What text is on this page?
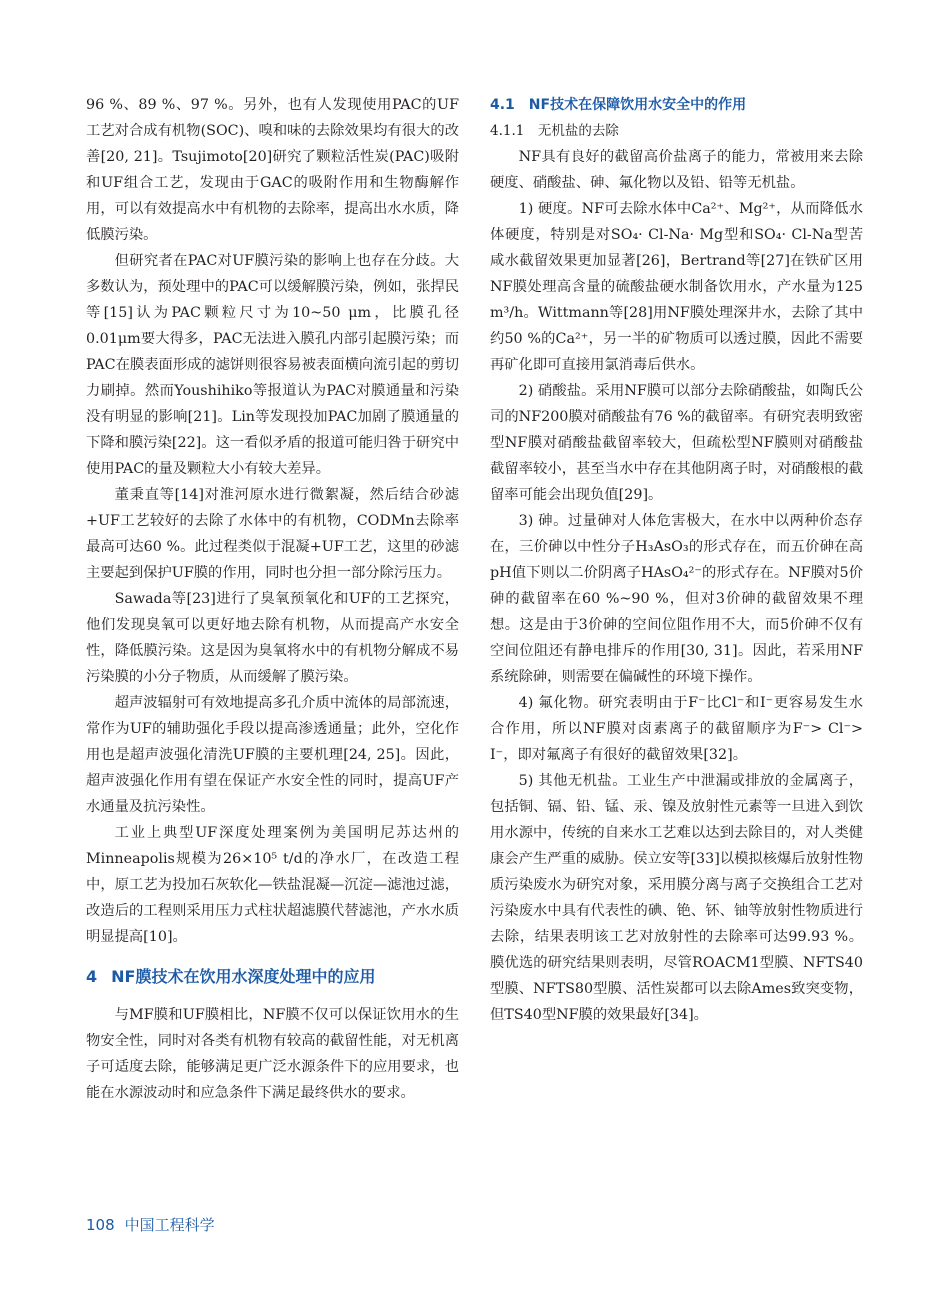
96 %、89 %、97 %。另外，也有人发现使用PAC的UF工艺对合成有机物(SOC)、嗅和味的去除效果均有很大的改善[20, 21]。Tsujimoto[20]研究了颗粒活性炭(PAC)吸附和UF组合工艺，发现由于GAC的吸附作用和生物酶解作用，可以有效提高水中有机物的去除率，提高出水水质，降低膜污染。

但研究者在PAC对UF膜污染的影响上也存在分歧。大多数认为，预处理中的PAC可以缓解膜污染，例如，张捍民等[15]认为PAC颗粒尺寸为10~50 μm，比膜孔径0.01μm要大得多，PAC无法进入膜孔内部引起膜污染；而PAC在膜表面形成的滤饼则很容易被表面横向流引起的剪切力刷掉。然而Youshihiko等报道认为PAC对膜通量和污染没有明显的影响[21]。Lin等发现投加PAC加剧了膜通量的下降和膜污染[22]。这一看似矛盾的报道可能归咎于研究中使用PAC的量及颗粒大小有较大差异。

董秉直等[14]对淮河原水进行微絮凝，然后结合砂滤+UF工艺较好的去除了水体中的有机物，CODMn去除率最高可达60 %。此过程类似于混凝+UF工艺，这里的砂滤主要起到保护UF膜的作用，同时也分担一部分除污压力。

Sawada等[23]进行了臭氧预氧化和UF的工艺探究，他们发现臭氧可以更好地去除有机物，从而提高产水安全性，降低膜污染。这是因为臭氧将水中的有机物分解成不易污染膜的小分子物质，从而缓解了膜污染。

超声波辐射可有效地提高多孔介质中流体的局部流速，常作为UF的辅助强化手段以提高渗透通量；此外，空化作用也是超声波强化清洗UF膜的主要机理[24, 25]。因此，超声波强化作用有望在保证产水安全性的同时，提高UF产水通量及抗污染性。

工业上典型UF深度处理案例为美国明尼苏达州的Minneapolis规模为26×10⁵ t/d的净水厂，在改造工程中，原工艺为投加石灰软化—铁盐混凝—沉淀—滤池过滤，改造后的工程则采用压力式柱状超滤膜代替滤池，产水水质明显提高[10]。

4 NF膜技术在饮用水深度处理中的应用

与MF膜和UF膜相比，NF膜不仅可以保证饮用水的生物安全性，同时对各类有机物有较高的截留性能，对无机离子可适度去除，能够满足更广泛水源条件下的应用要求，也能在水源波动时和应急条件下满足最终供水的要求。

4.1　NF技术在保障饮用水安全中的作用
4.1.1　无机盐的去除

NF具有良好的截留高价盐离子的能力，常被用来去除硬度、硝酸盐、砷、氟化物以及铅、铅等无机盐。

1) 硬度。NF可去除水体中Ca²⁺、Mg²⁺，从而降低水体硬度，特别是对SO₄· Cl-Na· Mg型和SO₄· Cl-Na型苦咸水截留效果更加显著[26]，Bertrand等[27]在铁矿区用NF膜处理高含量的硫酸盐硬水制备饮用水，产水量为125 m³/h。Wittmann等[28]用NF膜处理深井水，去除了其中约50 %的Ca²⁺，另一半的矿物质可以透过膜，因此不需要再矿化即可直接用氯消毒后供水。

2) 硝酸盐。采用NF膜可以部分去除硝酸盐，如陶氏公司的NF200膜对硝酸盐有76 %的截留率。有研究表明致密型NF膜对硝酸盐截留率较大，但疏松型NF膜则对硝酸盐截留率较小，甚至当水中存在其他阴离子时，对硝酸根的截留率可能会出现负值[29]。

3) 砷。过量砷对人体危害极大，在水中以两种价态存在，三价砷以中性分子H₃AsO₃的形式存在，而五价砷在高pH值下则以二价阴离子HAsO₄²⁻的形式存在。NF膜对5价砷的截留率在60 %~90 %，但对3价砷的截留效果不理想。这是由于3价砷的空间位阻作用不大，而5价砷不仅有空间位阻还有静电排斥的作用[30, 31]。因此，若采用NF系统除砷，则需要在偏碱性的环境下操作。

4) 氟化物。研究表明由于F⁻比Cl⁻和I⁻更容易发生水合作用，所以NF膜对卤素离子的截留顺序为F⁻> Cl⁻> I⁻，即对氟离子有很好的截留效果[32]。

5) 其他无机盐。工业生产中泄漏或排放的金属离子，包括铜、镉、铅、锰、汞、镍及放射性元素等一旦进入到饮用水源中，传统的自来水工艺难以达到去除目的，对人类健康会产生严重的威胁。侯立安等[33]以模拟核爆后放射性物质污染废水为研究对象，采用膜分离与离子交换组合工艺对污染废水中具有代表性的碘、铯、钚、铀等放射性物质进行去除，结果表明该工艺对放射性的去除率可达99.93 %。膜优选的研究结果则表明，尽管ROACM1型膜、NFTS40型膜、NFTS80型膜、活性炭都可以去除Ames致突变物，但TS40型NF膜的效果最好[34]。

108 中国工程科学
